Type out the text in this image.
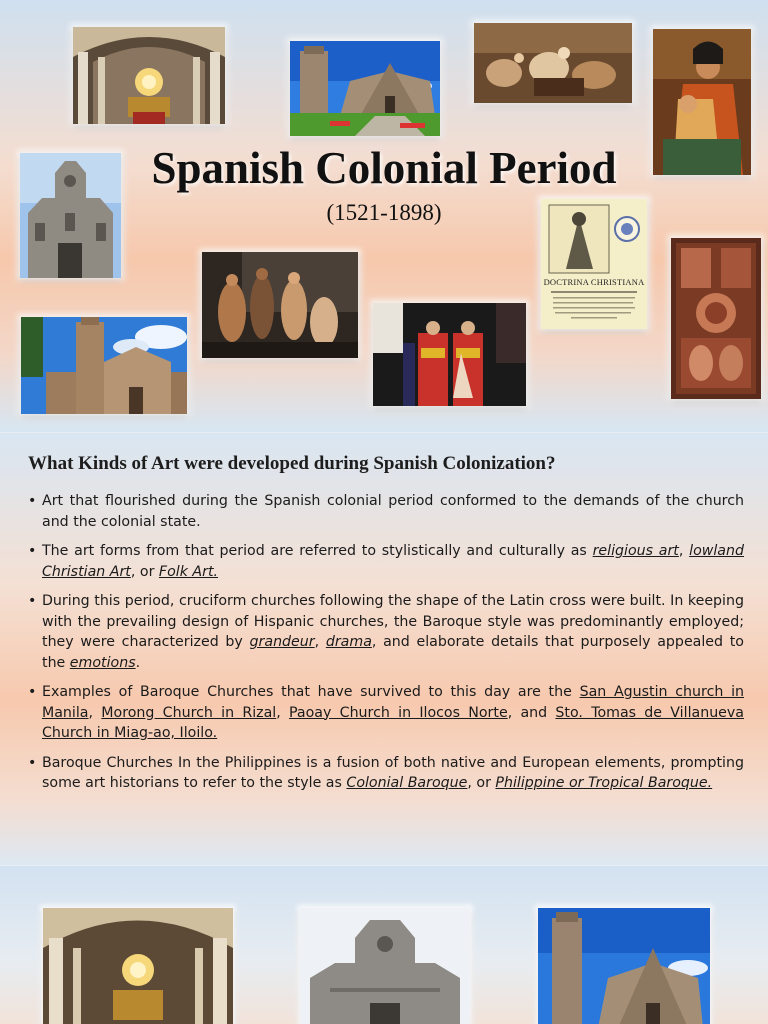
DOCTRINA CHRISTIANA
Spanish Colonial Period
(1521-1898)
What Kinds of Art were developed during Spanish Colonization?
• Art that flourished during the Spanish colonial period conformed to the demands of the church and the colonial state.
• The art forms from that period are referred to stylistically and culturally as religious art, lowland Christian Art, or Folk Art.
• During this period, cruciform churches following the shape of the Latin cross were built. In keeping with the prevailing design of Hispanic churches, the Baroque style was predominantly employed; they were characterized by grandeur, drama, and elaborate details that purposely appealed to the emotions.
• Examples of Baroque Churches that have survived to this day are the San Agustin church in Manila, Morong Church in Rizal, Paoay Church in Ilocos Norte, and Sto. Tomas de Villanueva Church in Miag-ao, Iloilo.
• Baroque Churches In the Philippines is a fusion of both native and European elements, prompting some art historians to refer to the style as Colonial Baroque, or Philippine or Tropical Baroque.
